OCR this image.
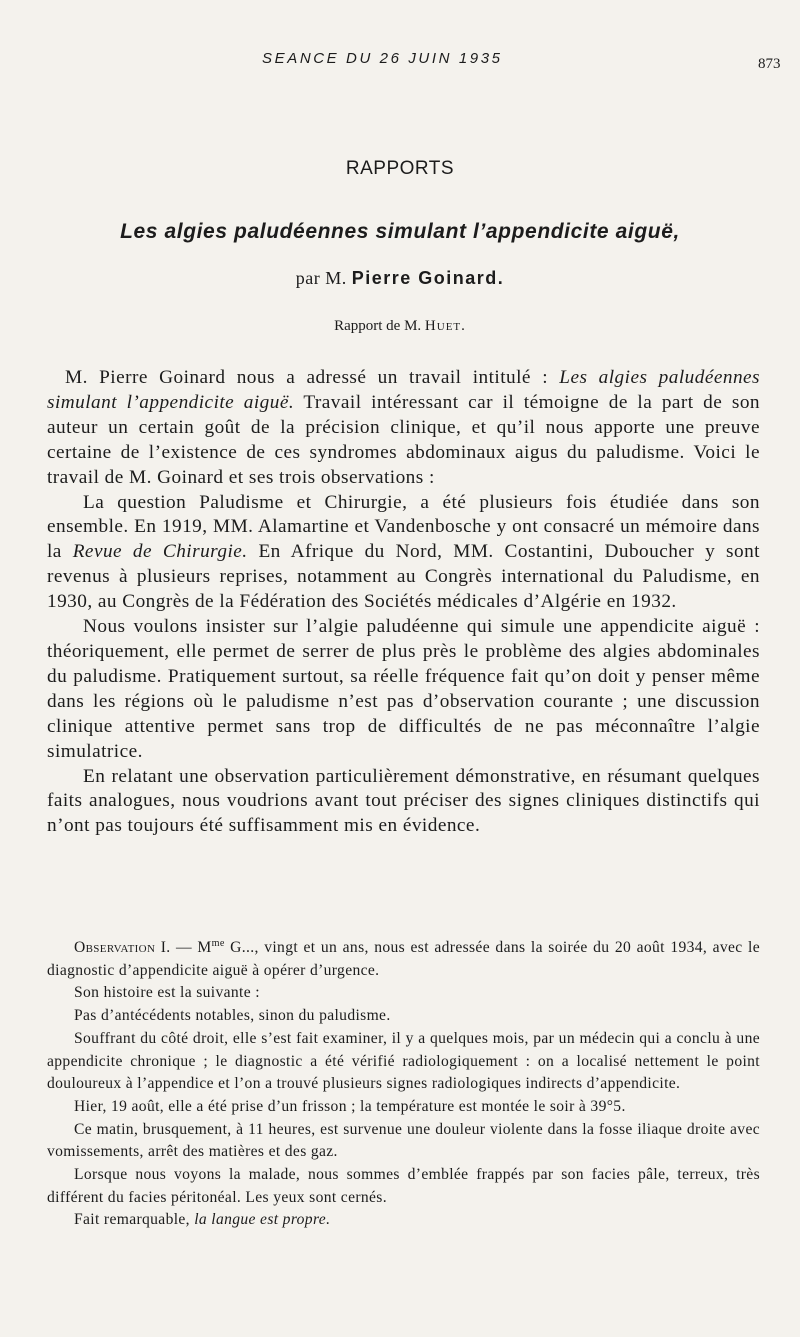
SEANCE DU 26 JUIN 1935	873
RAPPORTS
Les algies paludéennes simulant l’appendicite aiguë,
par M. Pierre Goinard.
Rapport de M. Huet.

M. Pierre Goinard nous a adressé un travail intitulé : Les algies paludéennes simulant l’appendicite aiguë. Travail intéressant car il témoigne de la part de son auteur un certain goût de la précision clinique, et qu’il nous apporte une preuve certaine de l’existence de ces syndromes abdominaux aigus du paludisme. Voici le travail de M. Goinard et ses trois observations :

La question Paludisme et Chirurgie, a été plusieurs fois étudiée dans son ensemble. En 1919, MM. Alamartine et Vandenbosche y ont consacré un mémoire dans la Revue de Chirurgie. En Afrique du Nord, MM. Costantini, Duboucher y sont revenus à plusieurs reprises, notamment au Congrès international du Paludisme, en 1930, au Congrès de la Fédération des Sociétés médicales d’Algérie en 1932.

Nous voulons insister sur l’algie paludéenne qui simule une appendicite aiguë : théoriquement, elle permet de serrer de plus près le problème des algies abdominales du paludisme. Pratiquement surtout, sa réelle fréquence fait qu’on doit y penser même dans les régions où le paludisme n’est pas d’observation courante ; une discussion clinique attentive permet sans trop de difficultés de ne pas méconnaître l’algie simulatrice.

En relatant une observation particulièrement démonstrative, en résumant quelques faits analogues, nous voudrions avant tout préciser des signes cliniques distinctifs qui n’ont pas toujours été suffisamment mis en évidence.

Observation I. — $M^{me}$ G..., vingt et un ans, nous est adressée dans la soirée du 20 août 1934, avec le diagnostic d’appendicite aiguë à opérer d’urgence.

Son histoire est la suivante :

Pas d’antécédents notables, sinon du paludisme.

Souffrant du côté droit, elle s’est fait examiner, il y a quelques mois, par un médecin qui a conclu à une appendicite chronique ; le diagnostic a été vérifié radiologiquement : on a localisé nettement le point douloureux à l’appendice et l’on a trouvé plusieurs signes radiologiques indirects d’appendicite.

Hier, 19 août, elle a été prise d’un frisson ; la température est montée le soir à 39°5.

Ce matin, brusquement, à 11 heures, est survenue une douleur violente dans la fosse iliaque droite avec vomissements, arrêt des matières et des gaz.

Lorsque nous voyons la malade, nous sommes d’emblée frappés par son facies pâle, terreux, très différent du facies péritonéal. Les yeux sont cernés.

Fait remarquable, la langue est propre.
